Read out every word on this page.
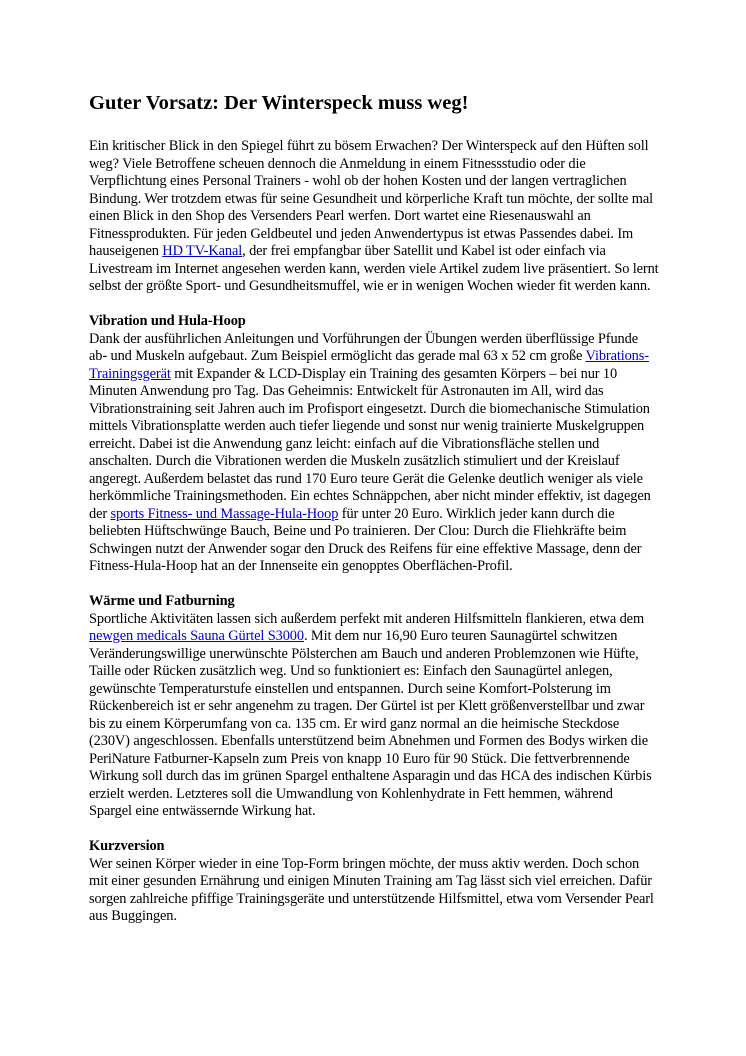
Guter Vorsatz: Der Winterspeck muss weg!

Ein kritischer Blick in den Spiegel führt zu bösem Erwachen? Der Winterspeck auf den Hüften soll weg? Viele Betroffene scheuen dennoch die Anmeldung in einem Fitnessstudio oder die Verpflichtung eines Personal Trainers - wohl ob der hohen Kosten und der langen vertraglichen Bindung. Wer trotzdem etwas für seine Gesundheit und körperliche Kraft tun möchte, der sollte mal einen Blick in den Shop des Versenders Pearl werfen. Dort wartet eine Riesenauswahl an Fitnessprodukten. Für jeden Geldbeutel und jeden Anwendertypus ist etwas Passendes dabei. Im hauseigenen HD TV-Kanal, der frei empfangbar über Satellit und Kabel ist oder einfach via Livestream im Internet angesehen werden kann, werden viele Artikel zudem live präsentiert. So lernt selbst der größte Sport- und Gesundheitsmuffel, wie er in wenigen Wochen wieder fit werden kann.

Vibration und Hula-Hoop
Dank der ausführlichen Anleitungen und Vorführungen der Übungen werden überflüssige Pfunde ab- und Muskeln aufgebaut. Zum Beispiel ermöglicht das gerade mal 63 x 52 cm große Vibrations-Trainingsgerät mit Expander & LCD-Display ein Training des gesamten Körpers – bei nur 10 Minuten Anwendung pro Tag. Das Geheimnis: Entwickelt für Astronauten im All, wird das Vibrationstraining seit Jahren auch im Profisport eingesetzt. Durch die biomechanische Stimulation mittels Vibrationsplatte werden auch tiefer liegende und sonst nur wenig trainierte Muskelgruppen erreicht. Dabei ist die Anwendung ganz leicht: einfach auf die Vibrationsfläche stellen und anschalten. Durch die Vibrationen werden die Muskeln zusätzlich stimuliert und der Kreislauf angeregt. Außerdem belastet das rund 170 Euro teure Gerät die Gelenke deutlich weniger als viele herkömmliche Trainingsmethoden. Ein echtes Schnäppchen, aber nicht minder effektiv, ist dagegen der sports Fitness- und Massage-Hula-Hoop für unter 20 Euro. Wirklich jeder kann durch die beliebten Hüftschwünge Bauch, Beine und Po trainieren. Der Clou: Durch die Fliehkräfte beim Schwingen nutzt der Anwender sogar den Druck des Reifens für eine effektive Massage, denn der Fitness-Hula-Hoop hat an der Innenseite ein genopptes Oberflächen-Profil.

Wärme und Fatburning
Sportliche Aktivitäten lassen sich außerdem perfekt mit anderen Hilfsmitteln flankieren, etwa dem newgen medicals Sauna Gürtel S3000. Mit dem nur 16,90 Euro teuren Saunagürtel schwitzen Veränderungswillige unerwünschte Pölsterchen am Bauch und anderen Problemzonen wie Hüfte, Taille oder Rücken zusätzlich weg. Und so funktioniert es: Einfach den Saunagürtel anlegen, gewünschte Temperaturstufe einstellen und entspannen. Durch seine Komfort-Polsterung im Rückenbereich ist er sehr angenehm zu tragen. Der Gürtel ist per Klett größenverstellbar und zwar bis zu einem Körperumfang von ca. 135 cm. Er wird ganz normal an die heimische Steckdose (230V) angeschlossen. Ebenfalls unterstützend beim Abnehmen und Formen des Bodys wirken die PeriNature Fatburner-Kapseln zum Preis von knapp 10 Euro für 90 Stück. Die fettverbrennende Wirkung soll durch das im grünen Spargel enthaltene Asparagin und das HCA des indischen Kürbis erzielt werden. Letzteres soll die Umwandlung von Kohlenhydrate in Fett hemmen, während Spargel eine entwässernde Wirkung hat.

Kurzversion
Wer seinen Körper wieder in eine Top-Form bringen möchte, der muss aktiv werden. Doch schon mit einer gesunden Ernährung und einigen Minuten Training am Tag lässt sich viel erreichen. Dafür sorgen zahlreiche pfiffige Trainingsgeräte und unterstützende Hilfsmittel, etwa vom Versender Pearl aus Buggingen.
